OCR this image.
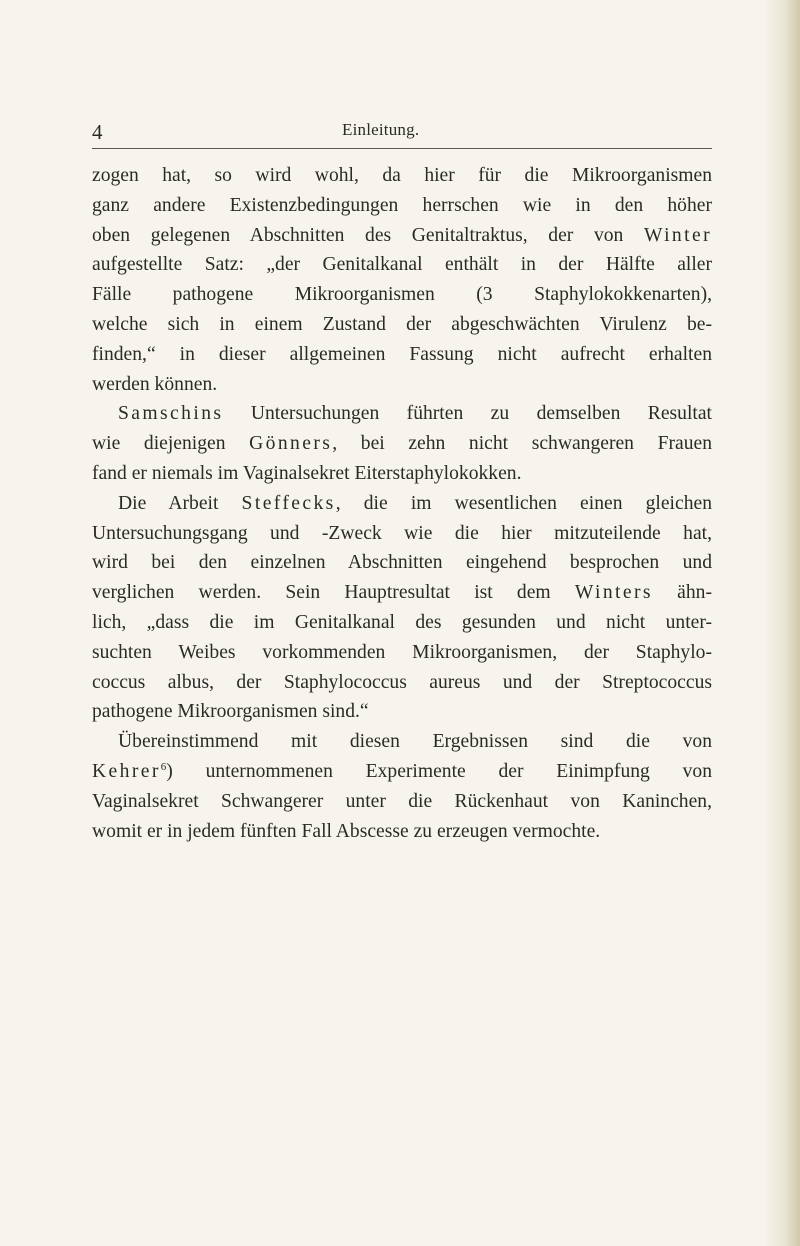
4	Einleitung.
zogen hat, so wird wohl, da hier für die Mikroorganismen
ganz andere Existenzbedingungen herrschen wie in den höher
oben gelegenen Abschnitten des Genitaltraktus, der von Winter
aufgestellte Satz: „der Genitalkanal enthält in der Hälfte aller
Fälle pathogene Mikroorganismen (3 Staphylokokkenarten),
welche sich in einem Zustand der abgeschwächten Virulenz be-
finden,“ in dieser allgemeinen Fassung nicht aufrecht erhalten
werden können.
Samschins Untersuchungen führten zu demselben Resultat
wie diejenigen Gönners, bei zehn nicht schwangeren Frauen
fand er niemals im Vaginalsekret Eiterstaphylokokken.
Die Arbeit Steffecks, die im wesentlichen einen gleichen
Untersuchungsgang und -Zweck wie die hier mitzuteilende hat,
wird bei den einzelnen Abschnitten eingehend besprochen und
verglichen werden. Sein Hauptresultat ist dem Winters ähn-
lich, „dass die im Genitalkanal des gesunden und nicht unter-
suchten Weibes vorkommenden Mikroorganismen, der Staphylo-
coccus albus, der Staphylococcus aureus und der Streptococcus
pathogene Mikroorganismen sind.“
Übereinstimmend mit diesen Ergebnissen sind die von
Kehrer$^6$) unternommenen Experimente der Einimpfung von
Vaginalsekret Schwangerer unter die Rückenhaut von Kaninchen,
womit er in jedem fünften Fall Abscesse zu erzeugen vermochte.
